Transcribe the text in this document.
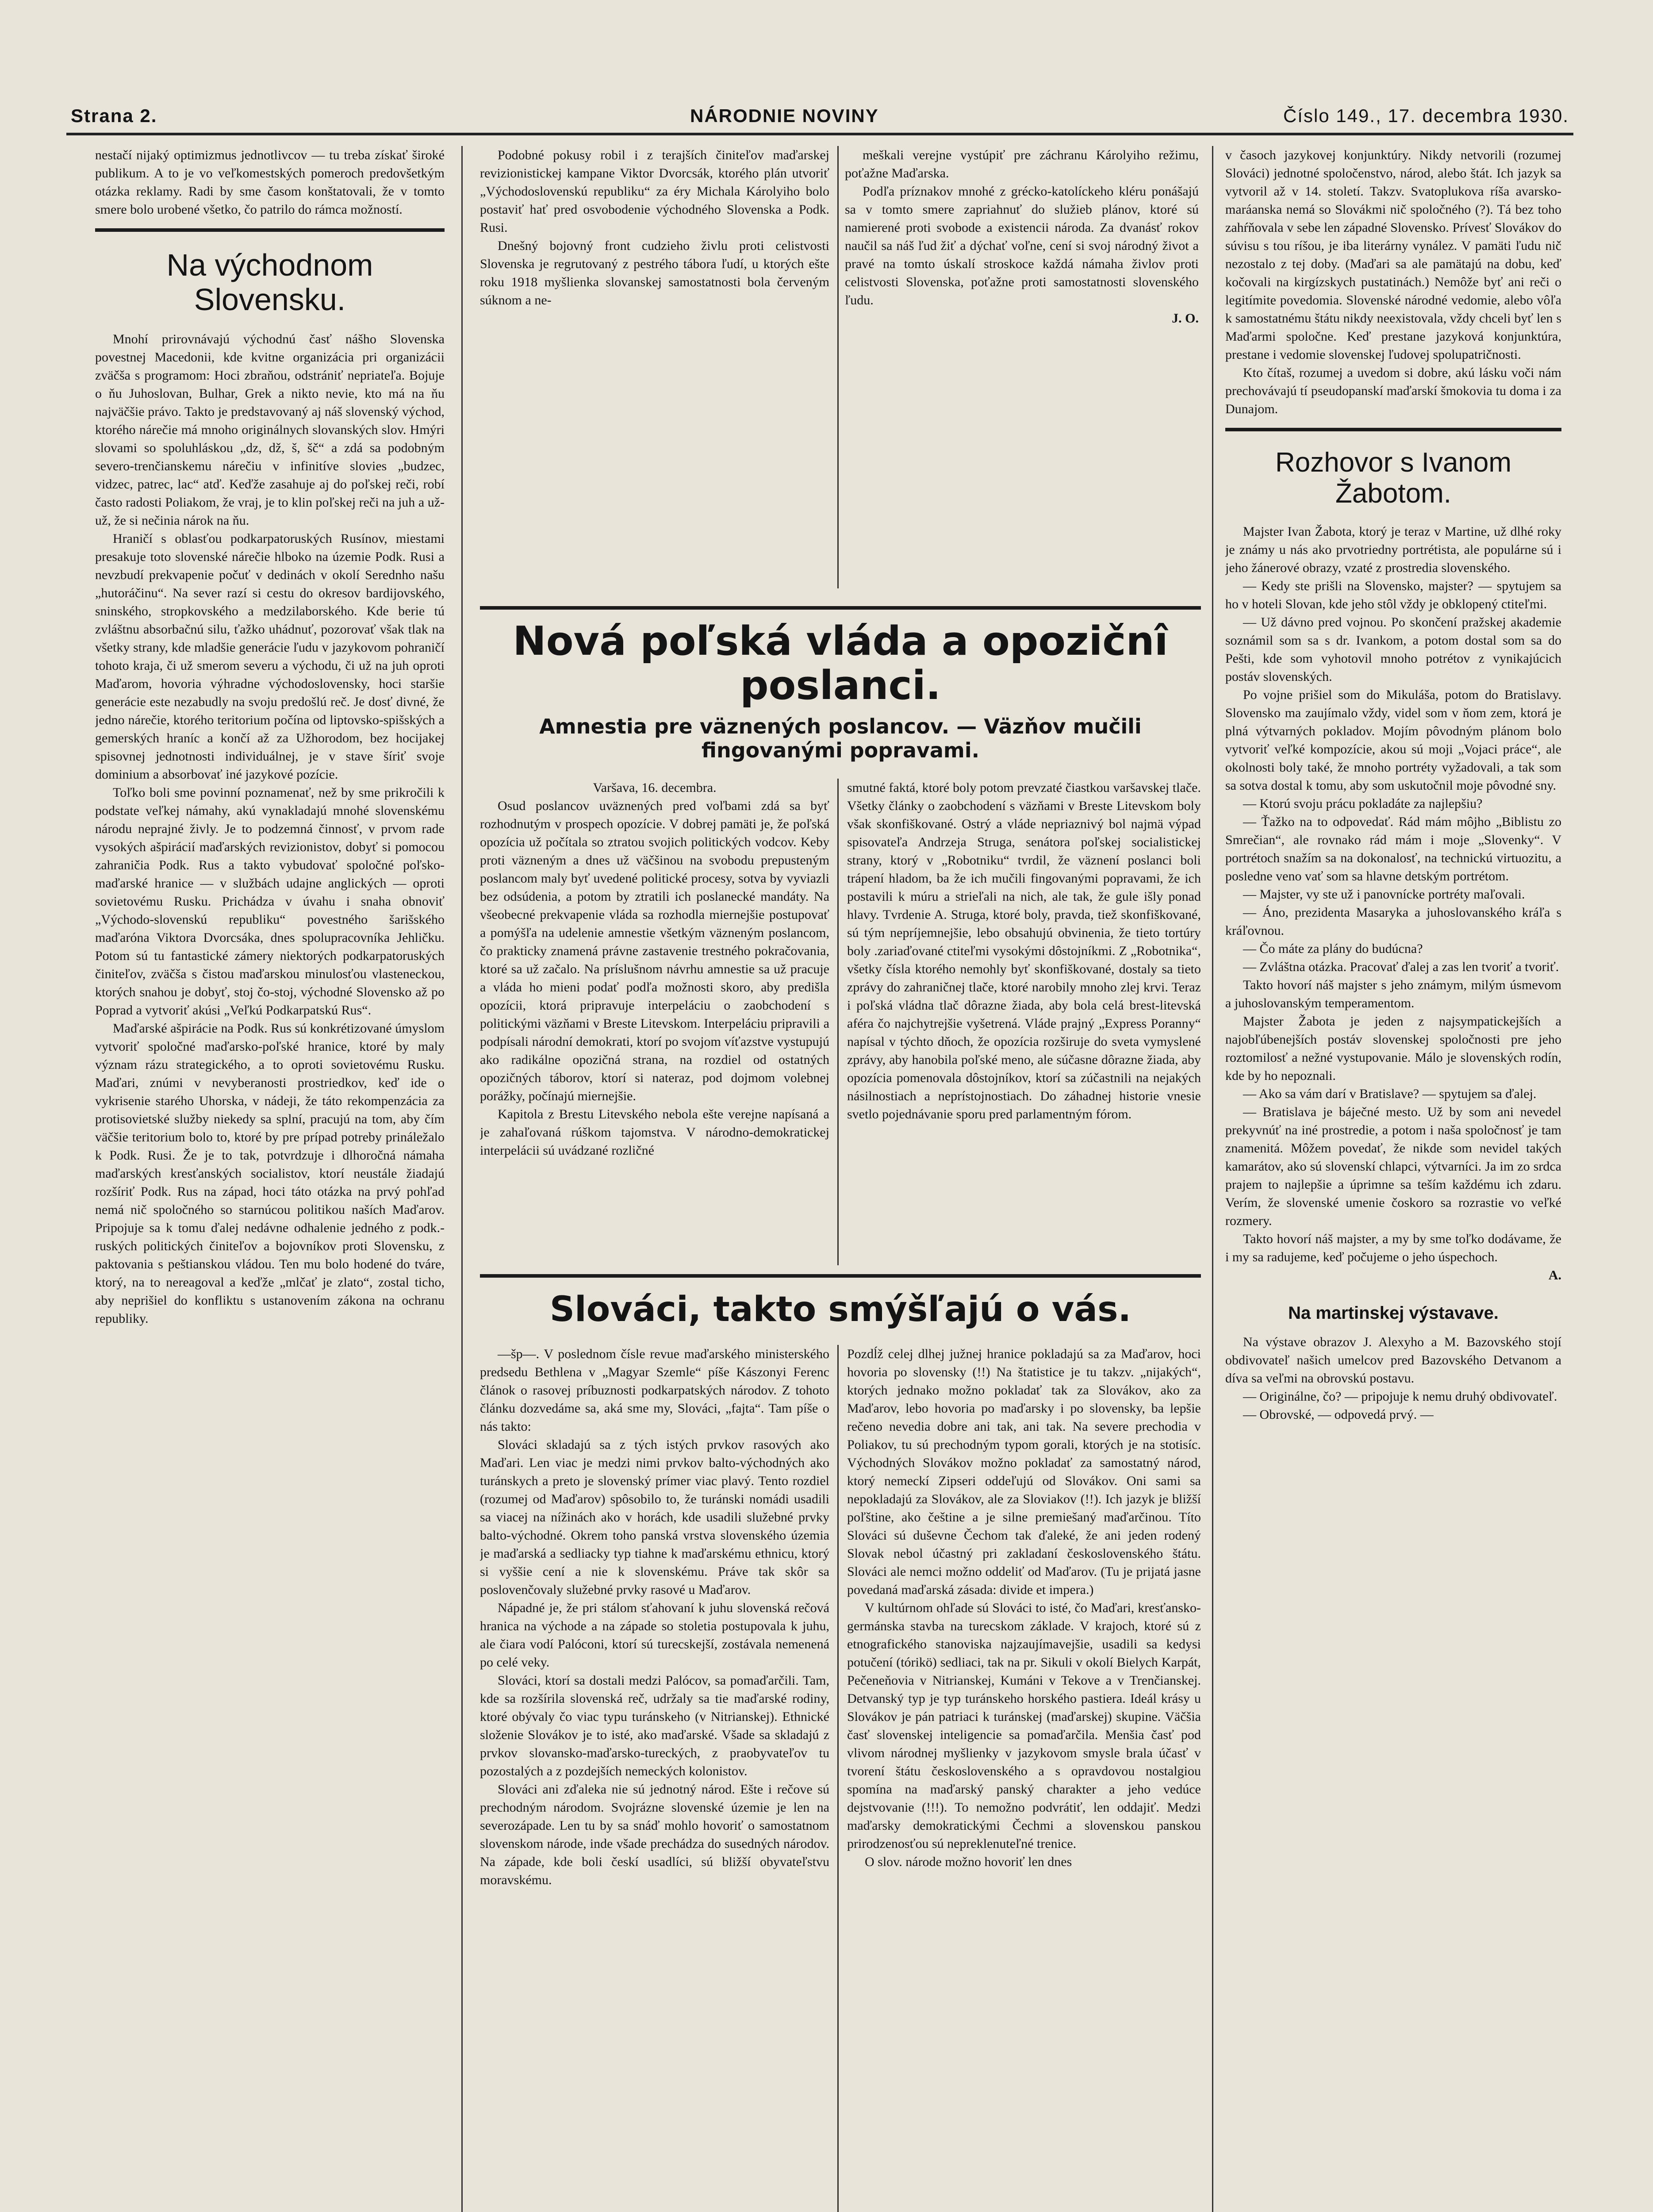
Strana 2.	NÁRODNIE NOVINY	Číslo 149., 17. decembra 1930.

nestačí nijaký optimizmus jednotlivcov — tu treba získať široké publikum. A to je vo veľkomestských pomeroch predovšetkým otázka reklamy. Radi by sme časom konštatovali, že v tomto smere bolo urobené všetko, čo patrilo do rámca možností.

Na východnom Slovensku.

Mnohí prirovnávajú východnú časť nášho Slovenska povestnej Macedonii, kde kvitne organizácia pri organizácii zväčša s programom: Hoci zbraňou, odstrániť nepriateľa. Bojuje o ňu Juhoslovan, Bulhar, Grek a nikto nevie, kto má na ňu najväčšie právo. Takto je predstavovaný aj náš slovenský východ, ktorého nárečie má mnoho originálnych slovanských slov. Hmýri slovami so spoluhláskou „dz, dž, š, šč“ a zdá sa podobným severo-trenčianskemu nárečiu v infinitíve slovies „budzec, vidzec, patrec, lac“ atď. Keďže zasahuje aj do poľskej reči, robí často radosti Poliakom, že vraj, je to klin poľskej reči na juh a už-už, že si nečinia nárok na ňu.

Hraničí s oblasťou podkarpatoruských Rusínov, miestami presakuje toto slovenské nárečie hlboko na územie Podk. Rusi a nevzbudí prekvapenie počuť v dedinách v okolí Serednho našu „hutoráčinu“. Na sever razí si cestu do okresov bardijovského, sninského, stropkovského a medzilaborského. Kde berie tú zvláštnu absorbačnú silu, ťažko uhádnuť, pozorovať však tlak na všetky strany, kde mladšie generácie ľudu v jazykovom pohraničí tohoto kraja, či už smerom severu a východu, či už na juh oproti Maďarom, hovoria výhradne východoslovensky, hoci staršie generácie este nezabudly na svoju predošlú reč. Je dosť divné, že jedno nárečie, ktorého teritorium počína od liptovsko-spišských a gemerských hraníc a končí až za Užhorodom, bez hocijakej spisovnej jednotnosti individuálnej, je v stave šíriť svoje dominium a absorbovať iné jazykové pozície.

Toľko boli sme povinní poznamenať, než by sme prikročili k podstate veľkej námahy, akú vynakladajú mnohé slovenskému národu neprajné živly. Je to podzemná činnosť, v prvom rade vysokých ašpirácií maďarských revizionistov, dobyť si pomocou zahraničia Podk. Rus a takto vybudovať spoločné poľsko-maďarské hranice — v službách udajne anglických — oproti sovietovému Rusku. Prichádza v úvahu i snaha obnoviť „Východo-slovenskú republiku“ povestného šarišského maďaróna Viktora Dvorcsáka, dnes spolupracovníka Jehličku. Potom sú tu fantastické zámery niektorých podkarpatoruských činiteľov, zväčša s čistou maďarskou minulosťou vlasteneckou, ktorých snahou je dobyť, stoj čo-stoj, východné Slovensko až po Poprad a vytvoriť akúsi „Veľkú Podkarpatskú Rus“.

Maďarské ašpirácie na Podk. Rus sú konkrétizované úmyslom vytvoriť spoločné maďarsko-poľské hranice, ktoré by maly význam rázu strategického, a to oproti sovietovému Rusku. Maďari, znúmi v nevyberanosti prostriedkov, keď ide o vykrisenie starého Uhorska, v nádeji, že táto rekompenzácia za protisovietské služby niekedy sa splní, pracujú na tom, aby čím väčšie teritorium bolo to, ktoré by pre prípad potreby prináležalo k Podk. Rusi. Že je to tak, potvrdzuje i dlhoročná námaha maďarských kresťanských socialistov, ktorí neustále žiadajú rozšíriť Podk. Rus na západ, hoci táto otázka na prvý pohľad nemá nič spoločného so starnúcou politikou naších Maďarov. Pripojuje sa k tomu ďalej nedávne odhalenie jedného z podk.-ruských politických činiteľov a bojovníkov proti Slovensku, z paktovania s peštianskou vládou. Ten mu bolo hodené do tváre, ktorý, na to nereagoval a keďže „mlčať je zlato“, zostal ticho, aby neprišiel do konfliktu s ustanovením zákona na ochranu republiky.

Podobné pokusy robil i z terajších činiteľov maďarskej revizionistickej kampane Viktor Dvorcsák, ktorého plán utvoriť „Východoslovenskú republiku“ za éry Michala Károlyiho bolo postaviť hať pred osvobodenie východného Slovenska a Podk. Rusi.

Dnešný bojovný front cudzieho živlu proti celistvosti Slovenska je regrutovaný z pestrého tábora ľudí, u ktorých ešte roku 1918 myšlienka slovanskej samostatnosti bola červeným súknom a ne-

meškali verejne vystúpiť pre záchranu Károlyiho režimu, poťažne Maďarska.

Podľa príznakov mnohé z grécko-katolíckeho kléru ponášajú sa v tomto smere zapriahnuť do služieb plánov, ktoré sú namierené proti svobode a existencii národa. Za dvanásť rokov naučil sa náš ľud žiť a dýchať voľne, cení si svoj národný život a pravé na tomto úskalí stroskoce každá námaha živlov proti celistvosti Slovenska, poťažne proti samostatnosti slovenského ľudu.

J. O.

Nová poľská vláda a opozičnî poslanci.
Amnestia pre väznených poslancov. — Väzňov mučili fingovanými popravami.

Varšava, 16. decembra.

Osud poslancov uväznených pred voľbami zdá sa byť rozhodnutým v prospech opozície. V dobrej pamäti je, že poľská opozícia už počítala so ztratou svojich politických vodcov. Keby proti väzneným a dnes už väčšinou na svobodu prepusteným poslancom maly byť uvedené politické procesy, sotva by vyviazli bez odsúdenia, a potom by ztratili ich poslanecké mandáty. Na všeobecné prekvapenie vláda sa rozhodla miernejšie postupovať a pomýšľa na udelenie amnestie všetkým väzneným poslancom, čo prakticky znamená právne zastavenie trestného pokračovania, ktoré sa už začalo. Na príslušnom návrhu amnestie sa už pracuje a vláda ho mieni podať podľa možnosti skoro, aby predišla opozícii, ktorá pripravuje interpeláciu o zaobchodení s politickými väzňami v Breste Litevskom. Interpeláciu pripravili a podpísali národní demokrati, ktorí po svojom víťazstve vystupujú ako radikálne opozičná strana, na rozdiel od ostatných opozičných táborov, ktorí si nateraz, pod dojmom volebnej porážky, počínajú miernejšie.

Kapitola z Brestu Litevského nebola ešte verejne napísaná a je zahaľovaná rúškom tajomstva. V národno-demokratickej interpelácii sú uvádzané rozličné

smutné faktá, ktoré boly potom prevzaté čiastkou varšavskej tlače. Všetky články o zaobchodení s väzňami v Breste Litevskom boly však skonfiškované. Ostrý a vláde nepriaznivý bol najmä výpad spisovateľa Andrzeja Struga, senátora poľskej socialistickej strany, ktorý v „Robotniku“ tvrdil, že väznení poslanci boli trápení hladom, ba že ich mučili fingovanými popravami, že ich postavili k múru a strieľali na nich, ale tak, že gule išly ponad hlavy. Tvrdenie A. Struga, ktoré boly, pravda, tiež skonfiškované, sú tým nepríjemnejšie, lebo obsahujú obvinenia, že tieto tortúry boly .zariaďované ctiteľmi vysokými dôstojníkmi. Z „Robotnika“, všetky čísla ktorého nemohly byť skonfiškované, dostaly sa tieto zprávy do zahraničnej tlače, ktoré narobily mnoho zlej krvi. Teraz i poľská vládna tlač dôrazne žiada, aby bola celá brest-litevská aféra čo najchytrejšie vyšetrená. Vláde prajný „Express Poranny“ napísal v týchto dňoch, že opozícia rozširuje do sveta vymyslené zprávy, aby hanobila poľské meno, ale súčasne dôrazne žiada, aby opozícia pomenovala dôstojníkov, ktorí sa zúčastnili na nejakých násilnostiach a neprístojnostiach. Do záhadnej historie vnesie svetlo pojednávanie sporu pred parlamentným fórom.

Slováci, takto smýšľajú o vás.

—šp—. V poslednom čísle revue maďarského ministerského predsedu Bethlena v „Magyar Szemle“ píše Kászonyi Ferenc článok o rasovej príbuznosti podkarpatských národov. Z tohoto článku dozvedáme sa, aká sme my, Slováci, „fajta“. Tam píše o nás takto:

Slováci skladajú sa z tých istých prvkov rasových ako Maďari. Len viac je medzi nimi prvkov balto-východných ako turánskych a preto je slovenský prímer viac plavý. Tento rozdiel (rozumej od Maďarov) spôsobilo to, že turánski nomádi usadili sa viacej na nížinách ako v horách, kde usadili služebné prvky balto-východné. Okrem toho panská vrstva slovenského územia je maďarská a sedliacky typ tiahne k maďarskému ethnicu, ktorý si vyššie cení a nie k slovenskému. Práve tak skôr sa poslovenčovaly služebné prvky rasové u Maďarov.

Nápadné je, že pri stálom sťahovaní k juhu slovenská rečová hranica na východe a na západe so stoletia postupovala k juhu, ale čiara vodí Palóconi, ktorí sú turecskejší, zostávala nemenená po celé veky.

Slováci, ktorí sa dostali medzi Palócov, sa pomaďarčili. Tam, kde sa rozšírila slovenská reč, udržaly sa tie maďarské rodiny, ktoré obývaly čo viac typu turánskeho (v Nitrianskej). Ethnické složenie Slovákov je to isté, ako maďarské. Všade sa skladajú z prvkov slovansko-maďarsko-tureckých, z praobyvateľov tu pozostalých a z pozdejších nemeckých kolonistov.

Slováci ani zďaleka nie sú jednotný národ. Ešte i rečove sú prechodným národom. Svojrázne slovenské územie je len na severozápade. Len tu by sa snáď mohlo hovoriť o samostatnom slovenskom národe, inde všade prechádza do susedných národov. Na západe, kde boli českí usadlíci, sú bližší obyvateľstvu moravskému.

Pozdĺž celej dlhej južnej hranice pokladajú sa za Maďarov, hoci hovoria po slovensky (!!) Na štatistice je tu takzv. „nijakých“, ktorých jednako možno pokladať tak za Slovákov, ako za Maďarov, lebo hovoria po maďarsky i po slovensky, ba lepšie rečeno nevedia dobre ani tak, ani tak. Na severe prechodia v Poliakov, tu sú prechodným typom gorali, ktorých je na stotisíc. Východných Slovákov možno pokladať za samostatný národ, ktorý nemeckí Zipseri oddeľujú od Slovákov. Oni sami sa nepokladajú za Slovákov, ale za Sloviakov (!!). Ich jazyk je bližší poľštine, ako češtine a je silne premiešaný maďarčinou. Títo Slováci sú duševne Čechom tak ďaleké, že ani jeden rodený Slovak nebol účastný pri zakladaní československého štátu. Slováci ale nemci možno oddeliť od Maďarov. (Tu je prijatá jasne povedaná maďarská zásada: divide et impera.)

V kultúrnom ohľade sú Slováci to isté, čo Maďari, kresťansko-germánska stavba na turecskom základe. V krajoch, ktoré sú z etnografického stanoviska najzaujímavejšie, usadili sa kedysi potučení (tórikö) sedliaci, tak na pr. Sikuli v okolí Bielych Karpát, Pečeneňovia v Nitrianskej, Kumáni v Tekove a v Trenčianskej. Detvanský typ je typ turánskeho horského pastiera. Ideál krásy u Slovákov je pán patriaci k turánskej (maďarskej) skupine. Väčšia časť slovenskej inteligencie sa pomaďarčila. Menšia časť pod vlivom národnej myšlienky v jazykovom smysle brala účasť v tvorení štátu československého a s opravdovou nostalgiou spomína na maďarský panský charakter a jeho vedúce dejstvovanie (!!!). To nemožno podvrátiť, len oddajiť. Medzi maďarsky demokratickými Čechmi a slovenskou panskou prirodzenosťou sú nepreklenuteľné trenice.

O slov. národe možno hovoriť len dnes

v časoch jazykovej konjunktúry. Nikdy netvorili (rozumej Slováci) jednotné spoločenstvo, národ, alebo štát. Ich jazyk sa vytvoril až v 14. století. Takzv. Svatoplukova ríša avarsko-maráanska nemá so Slovákmi nič spoločného (?). Tá bez toho zahŕňovala v sebe len západné Slovensko. Prívesť Slovákov do súvisu s tou ríšou, je iba literárny vynález. V pamäti ľudu nič nezostalo z tej doby. (Maďari sa ale pamätajú na dobu, keď kočovali na kirgízskych pustatinách.) Nemôže byť ani reči o legitímite povedomia. Slovenské národné vedomie, alebo vôľa k samostatnému štátu nikdy neexistovala, vždy chceli byť len s Maďarmi spoločne. Keď prestane jazyková konjunktúra, prestane i vedomie slovenskej ľudovej spolupatričnosti.

Kto čítaš, rozumej a uvedom si dobre, akú lásku voči nám prechovávajú tí pseudopanskí maďarskí šmokovia tu doma i za Dunajom.

Rozhovor s Ivanom Žabotom.

Majster Ivan Žabota, ktorý je teraz v Martine, už dlhé roky je známy u nás ako prvotriedny portrétista, ale populárne sú i jeho žánerové obrazy, vzaté z prostredia slovenského.

— Kedy ste prišli na Slovensko, majster? — spytujem sa ho v hoteli Slovan, kde jeho stôl vždy je obklopený ctiteľmi.

— Už dávno pred vojnou. Po skončení pražskej akademie soznámil som sa s dr. Ivankom, a potom dostal som sa do Pešti, kde som vyhotovil mnoho potrétov z vynikajúcich postáv slovenských.

Po vojne prišiel som do Mikuláša, potom do Bratislavy. Slovensko ma zaujímalo vždy, videl som v ňom zem, ktorá je plná výtvarných pokladov. Mojím pôvodným plánom bolo vytvoriť veľké kompozície, akou sú moji „Vojaci práce“, ale okolnosti boly také, že mnoho portréty vyžadovali, a tak som sa sotva dostal k tomu, aby som uskutočnil moje pôvodné sny.

— Ktorú svoju prácu pokladáte za najlepšiu?

— Ťažko na to odpovedať. Rád mám môjho „Biblistu zo Smrečian“, ale rovnako rád mám i moje „Slovenky“. V portrétoch snažím sa na dokonalosť, na technickú virtuozitu, a posledne veno vať som sa hlavne detským portrétom.

— Majster, vy ste už i panovníckе portréty maľovali.

— Áno, prezidenta Masaryka a juhoslovanského kráľa s kráľovnou.

— Čo máte za plány do budúcna?

— Zvláštna otázka. Pracovať ďalej a zas len tvoriť a tvoriť.

Takto hovorí náš majster s jeho známym, milým úsmevom a juhoslovanským temperamentom.

Majster Žabota je jeden z najsympatickejších a najobľúbenejších postáv slovenskej spoločnosti pre jeho roztomilosť a nežné vystupovanie. Málo je slovenských rodín, kde by ho nepoznali.

— Ako sa vám darí v Bratislave? — spytujem sa ďalej.

— Bratislava je báječné mesto. Už by som ani nevedel prekyvnúť na iné prostredie, a potom i naša spoločnosť je tam znamenitá. Môžem povedať, že nikde som nevidel takých kamarátov, ako sú slovenskí chlapci, výtvarníci. Ja im zo srdca prajem to najlepšie a úprimne sa teším každému ich zdaru. Verím, že slovenské umenie čoskoro sa rozrastie vo veľké rozmery.

Takto hovorí náš majster, a my by sme toľko dodávame, že i my sa radujeme, keď počujeme o jeho úspechoch.

A.

Na martinskej výstavave.

Na výstave obrazov J. Alexyho a M. Bazovského stojí obdivovateľ našich umelcov pred Bazovského Detvanom a díva sa veľmi na obrovskú postavu.

— Originálne, čo? — pripojuje k nemu druhý obdivovateľ.

— Obrovské, — odpovedá prvý. —
